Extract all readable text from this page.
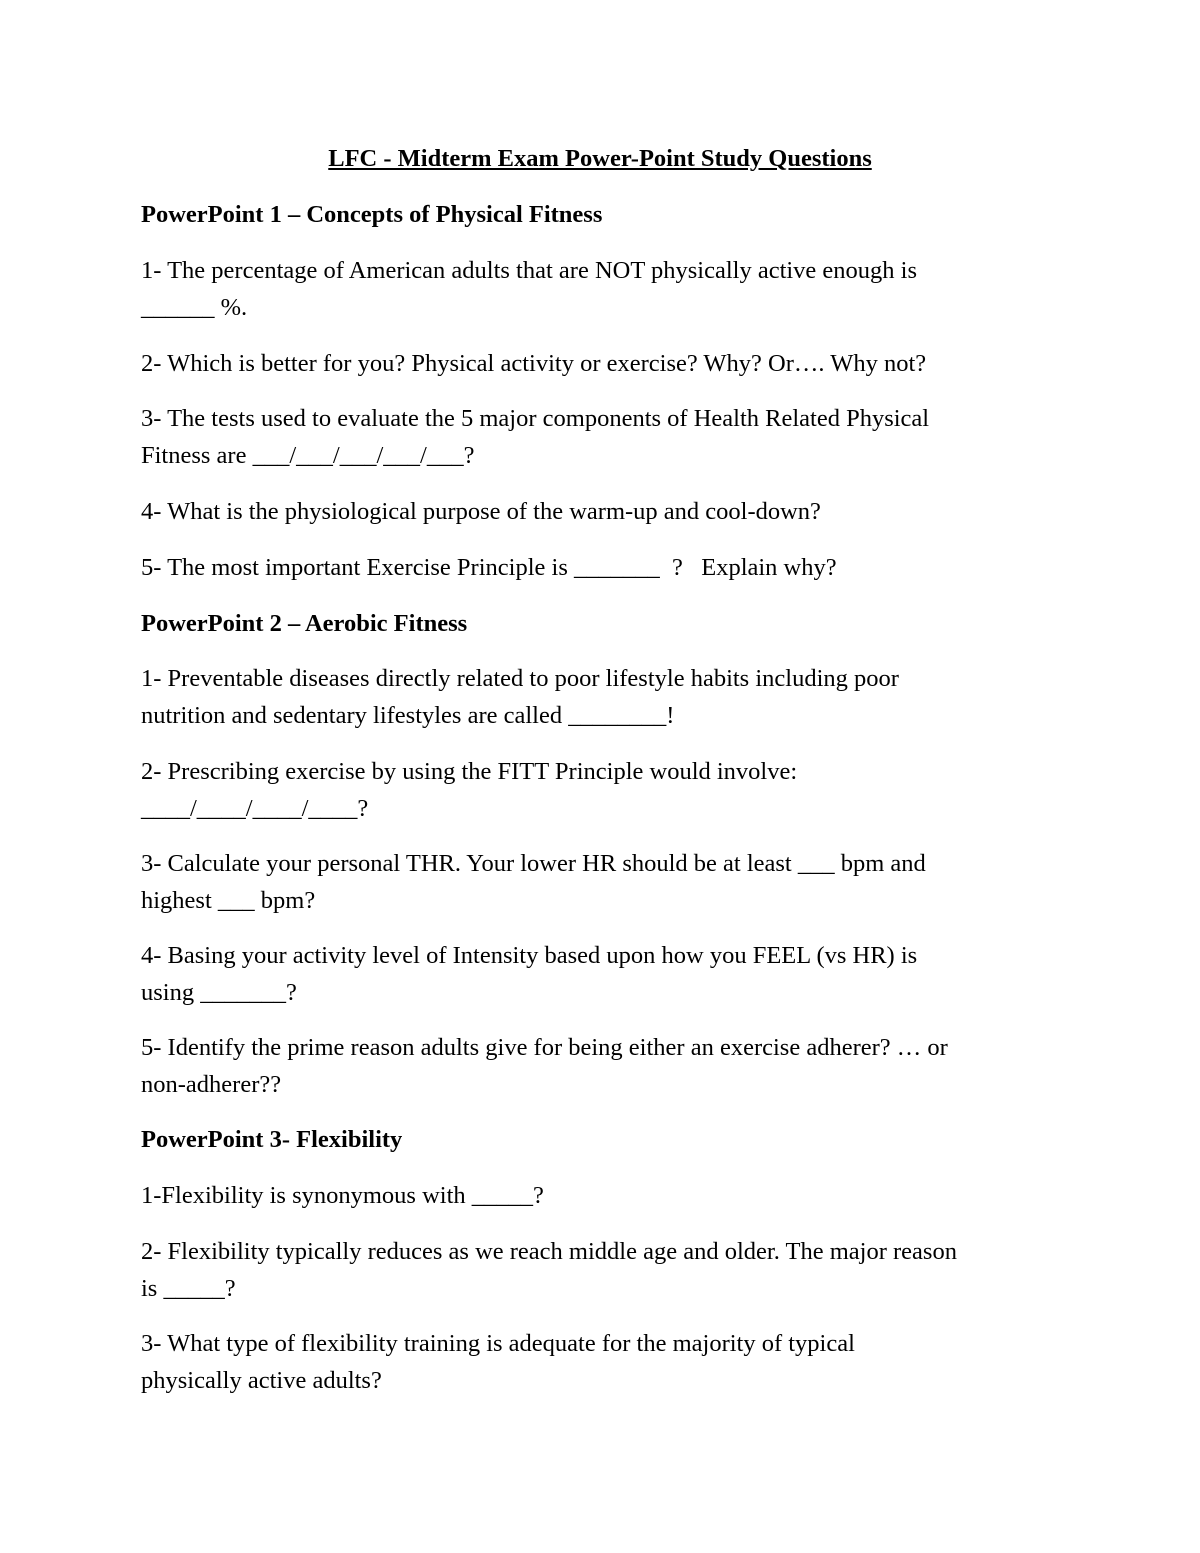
LFC - Midterm Exam Power-Point Study Questions
PowerPoint 1 – Concepts of Physical Fitness

1- The percentage of American adults that are NOT physically active enough is
______ %.

2- Which is better for you? Physical activity or exercise? Why? Or…. Why not?

3- The tests used to evaluate the 5 major components of Health Related Physical
Fitness are ___/___/___/___/___?

4- What is the physiological purpose of the warm-up and cool-down?

5- The most important Exercise Principle is _______  ?   Explain why?

PowerPoint 2 – Aerobic Fitness

1- Preventable diseases directly related to poor lifestyle habits including poor
nutrition and sedentary lifestyles are called ________!

2- Prescribing exercise by using the FITT Principle would involve:
____/____/____/____?

3- Calculate your personal THR. Your lower HR should be at least ___ bpm and
highest ___ bpm?

4- Basing your activity level of Intensity based upon how you FEEL (vs HR) is
using _______?

5- Identify the prime reason adults give for being either an exercise adherer? … or
non-adherer??

PowerPoint 3- Flexibility

1-Flexibility is synonymous with _____?

2- Flexibility typically reduces as we reach middle age and older. The major reason
is _____?

3- What type of flexibility training is adequate for the majority of typical
physically active adults?
